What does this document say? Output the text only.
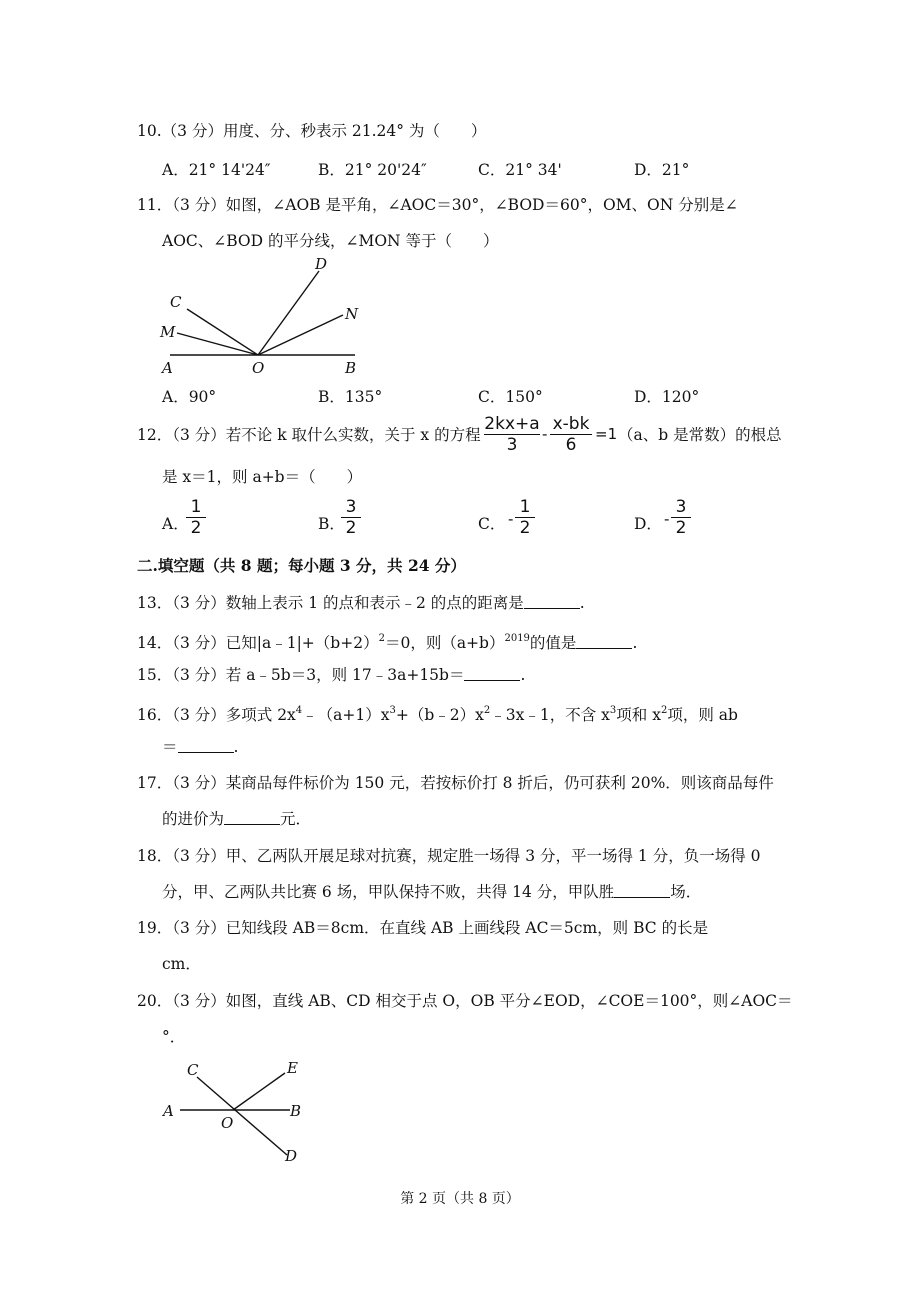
10.（3 分）用度、分、秒表示 21.24° 为（　　）
A．21° 14'24″	B．21° 20'24″	C．21° 34'	D．21°
11．（3 分）如图，∠AOB 是平角，∠AOC＝30°，∠BOD＝60°，OM、ON 分别是∠
AOC、∠BOD 的平分线，∠MON 等于（　　）
C
M
A	O	B
D
N
A．90°	B．135°	C．150°	D．120°
12．（3 分）若不论 k 取什么实数，关于 x 的方程
2kx+a
3
- x-bk
6
=1 （a、b 是常数）的根总
是 x＝1，则 a+b＝（　　）
A．
1
2	B．
3
2	C． -
1
2	D． -
3
2
二.填空题（共 8 题；每小题 3 分，共 24 分）
13．（3 分）数轴上表示 1 的点和表示﹣2 的点的距离是	.
14．（3 分）已知$|a﹣1|+(b+2)^2=0$，则$(a+b)^{2019}$的值是	.
15．（3 分）若 a﹣5b＝3，则 17﹣3a+15b＝	.
16．（3 分）多项式 $2x^4﹣(a+1)x^3+(b﹣2)x^2﹣3x﹣1$，不含 $x^3$项和 $x^2$项，则 ab
＝	.
17．（3 分）某商品每件标价为 150 元，若按标价打 8 折后，仍可获利 20%．则该商品每件
的进价为	元．
18．（3 分）甲、乙两队开展足球对抗赛，规定胜一场得 3 分，平一场得 1 分，负一场得 0
分，甲、乙两队共比赛 6 场，甲队保持不败，共得 14 分，甲队胜	场．
19．（3 分）已知线段 AB＝8cm．在直线 AB 上画线段 AC＝5cm，则 BC 的长是
cm．
20．（3 分）如图，直线 AB、CD 相交于点 O，OB 平分∠EOD，∠COE＝100°，则∠AOC＝
°．
C	E
A
O
B
D
第 2 页（共 8 页）
